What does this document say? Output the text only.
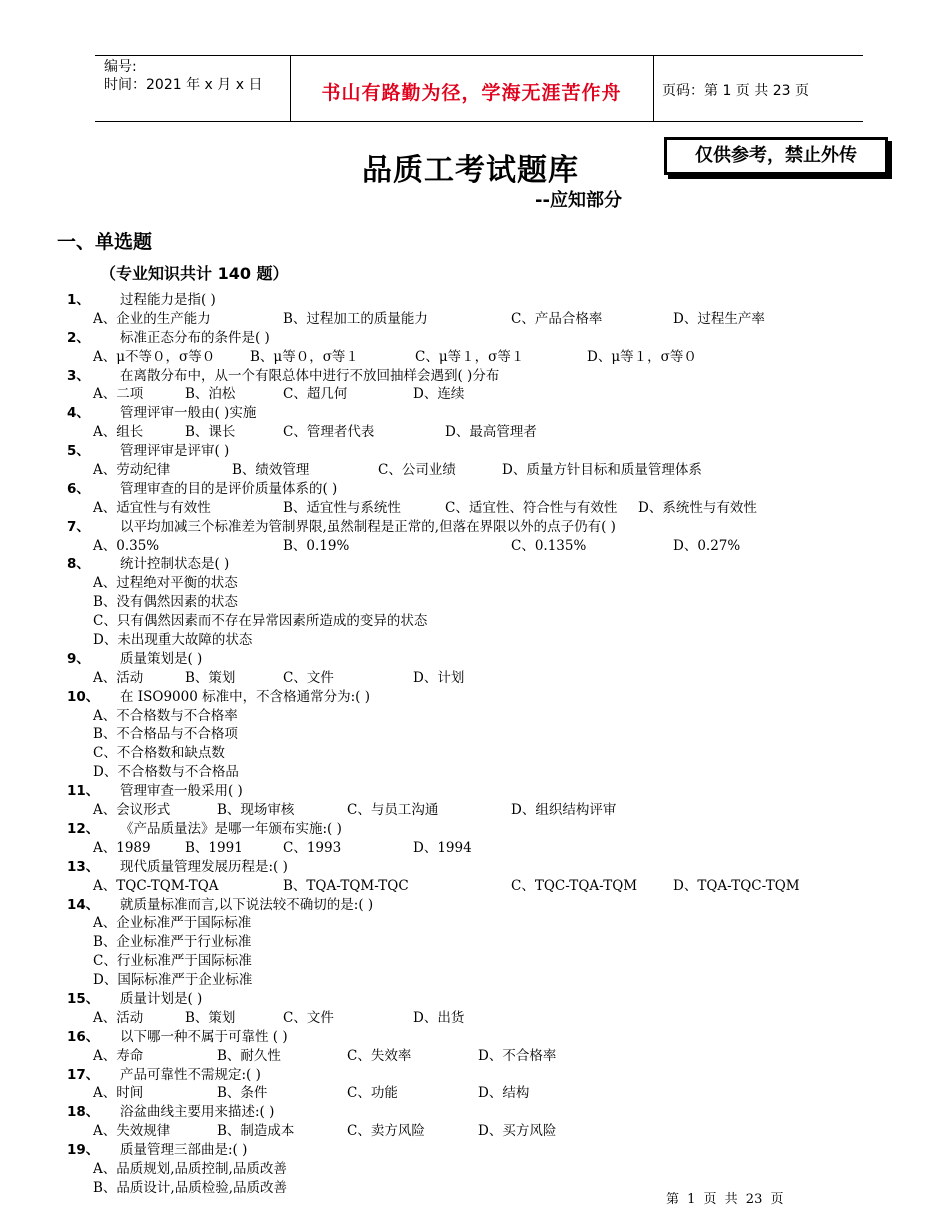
编号:
时间：2021 年 x 月 x 日	书山有路勤为径，学海无涯苦作舟	页码：第 1 页 共 23 页
品质工考试题库	仅供参考，禁止外传
--应知部分
一、单选题
（专业知识共计 140 题）
1、 过程能力是指( )
A、企业的生产能力	B、过程加工的质量能力	C、产品合格率	D、过程生产率
2、 标准正态分布的条件是( )
A、μ不等０，σ等０	B、μ等０，σ等１	C、μ等１，σ等１	D、μ等１，σ等０
3、 在离散分布中，从一个有限总体中进行不放回抽样会遇到( )分布
A、二项	B、泊松	C、超几何	D、连续
4、 管理评审一般由( )实施
A、组长	B、课长	C、管理者代表	D、最高管理者
5、 管理评审是评审( )
A、劳动纪律	B、绩效管理	C、公司业绩	D、质量方针目标和质量管理体系
6、 管理审查的目的是评价质量体系的( )
A、适宜性与有效性	B、适宜性与系统性	C、适宜性、符合性与有效性 D、系统性与有效性
7、 以平均加减三个标准差为管制界限,虽然制程是正常的,但落在界限以外的点子仍有( )
A、0.35%	B、0.19%	C、0.135%	D、0.27%
8、 统计控制状态是( )
A、过程绝对平衡的状态
B、没有偶然因素的状态
C、只有偶然因素而不存在异常因素所造成的变异的状态
D、未出现重大故障的状态
9、 质量策划是( )
A、活动	B、策划	C、文件	D、计划
10、 在 ISO9000 标准中，不含格通常分为:( )
A、不合格数与不合格率
B、不合格品与不合格项
C、不合格数和缺点数
D、不合格数与不合格品
11、 管理审查一般采用( )
A、会议形式	B、现场审核	C、与员工沟通	D、组织结构评审
12、 《产品质量法》是哪一年颁布实施:( )
A、1989	B、1991	C、1993	D、1994
13、 现代质量管理发展历程是:( )
A、TQC-TQM-TQA	B、TQA-TQM-TQC	C、TQC-TQA-TQM	D、TQA-TQC-TQM
14、 就质量标准而言,以下说法较不确切的是:( )
A、企业标准严于国际标准
B、企业标准严于行业标准
C、行业标准严于国际标准
D、国际标准严于企业标准
15、 质量计划是( )
A、活动	B、策划	C、文件	D、出货
16、 以下哪一种不属于可靠性 ( )
A、寿命	B、耐久性	C、失效率	D、不合格率
17、 产品可靠性不需规定:( )
A、时间	B、条件	C、功能	D、结构
18、 浴盆曲线主要用来描述:( )
A、失效规律	B、制造成本	C、卖方风险	D、买方风险
19、 质量管理三部曲是:( )
A、品质规划,品质控制,品质改善
B、品质设计,品质检验,品质改善
第 1 页 共 23 页
